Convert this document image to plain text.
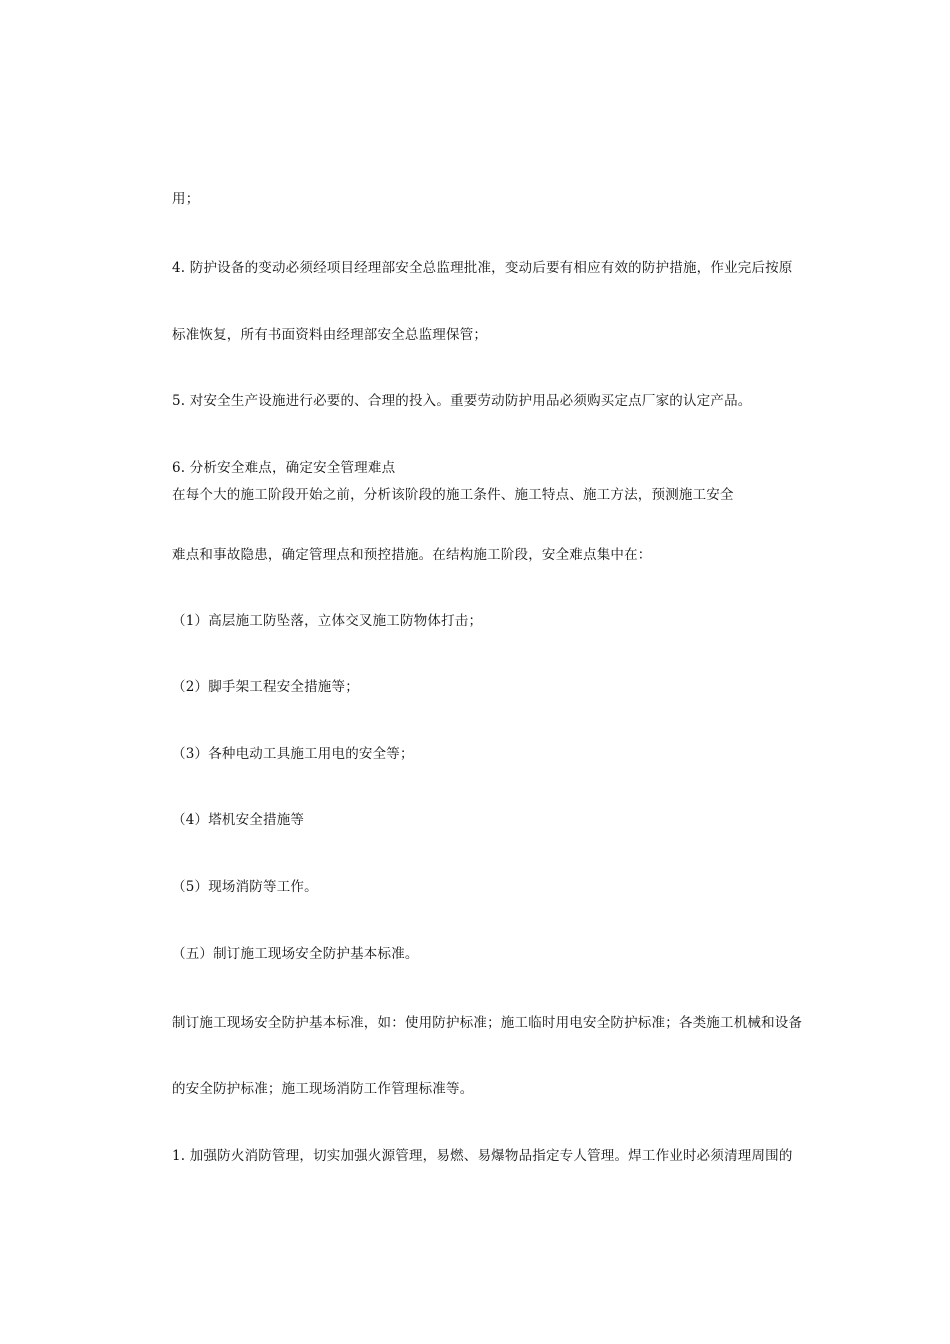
用；
4. 防护设备的变动必须经项目经理部安全总监理批准，变动后要有相应有效的防护措施，作业完后按原
标准恢复，所有书面资料由经理部安全总监理保管；
5. 对安全生产设施进行必要的、合理的投入。重要劳动防护用品必须购买定点厂家的认定产品。
6. 分析安全难点，确定安全管理难点
在每个大的施工阶段开始之前，分析该阶段的施工条件、施工特点、施工方法，预测施工安全
难点和事故隐患，确定管理点和预控措施。在结构施工阶段，安全难点集中在：
（1）高层施工防坠落，立体交叉施工防物体打击；
（2）脚手架工程安全措施等；
（3）各种电动工具施工用电的安全等；
（4）塔机安全措施等
（5）现场消防等工作。
（五）制订施工现场安全防护基本标准。
制订施工现场安全防护基本标准，如：使用防护标准；施工临时用电安全防护标准；各类施工机械和设备
的安全防护标准；施工现场消防工作管理标准等。
1. 加强防火消防管理，切实加强火源管理，易燃、易爆物品指定专人管理。焊工作业时必须清理周围的
